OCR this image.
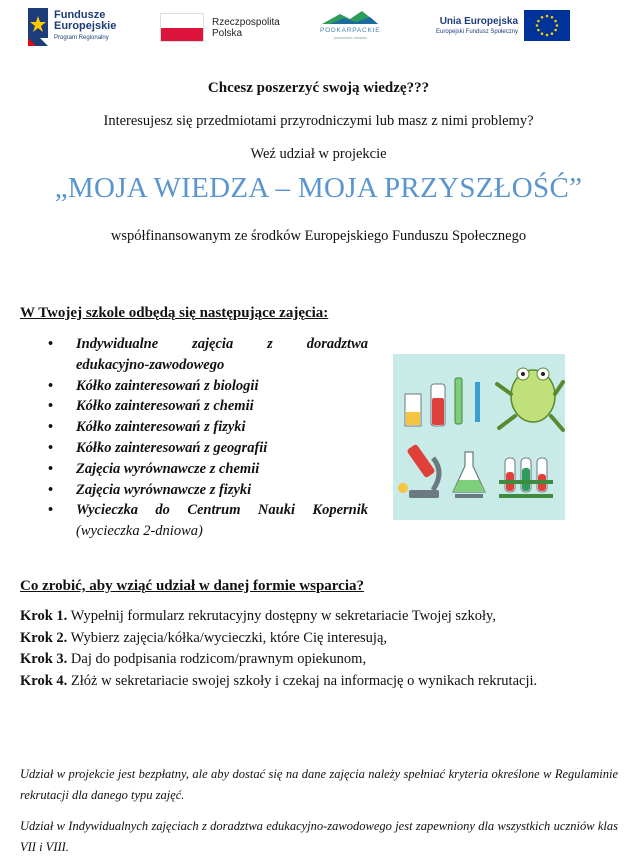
Fundusze
Europejskie
Program Regionalny
Rzeczpospolita
Polska	PODKARPACKIE
przestrzeń otwarta
Unia Europejska
Europejski Fundusz Społeczny
Chcesz poszerzyć swoją wiedzę???
Interesujesz się przedmiotami przyrodniczymi lub masz z nimi problemy?
Weź udział w projekcie
„MOJA WIEDZA – MOJA PRZYSZŁOŚĆ”
współfinansowanym ze środków Europejskiego Funduszu Społecznego
W Twojej szkole odbędą się następujące zajęcia:
• Indywidualne zajęcia z doradztwa
edukacyjno-zawodowego
• Kółko zainteresowań z biologii
• Kółko zainteresowań z chemii
• Kółko zainteresowań z fizyki
• Kółko zainteresowań z geografii
• Zajęcia wyrównawcze z chemii
• Zajęcia wyrównawcze z fizyki
• Wycieczka do Centrum Nauki Kopernik
(wycieczka 2-dniowa)
Co zrobić, aby wziąć udział w danej formie wsparcia?
Krok 1. Wypełnij formularz rekrutacyjny dostępny w sekretariacie Twojej szkoły,
Krok 2. Wybierz zajęcia/kółka/wycieczki, które Cię interesują,
Krok 3. Daj do podpisania rodzicom/prawnym opiekunom,
Krok 4. Złóż w sekretariacie swojej szkoły i czekaj na informację o wynikach rekrutacji.
Udział w projekcie jest bezpłatny, ale aby dostać się na dane zajęcia należy spełniać kryteria określone w Regulaminie rekrutacji dla danego typu zajęć.
Udział w Indywidualnych zajęciach z doradztwa edukacyjno-zawodowego jest zapewniony dla wszystkich uczniów klas VII i VIII.
